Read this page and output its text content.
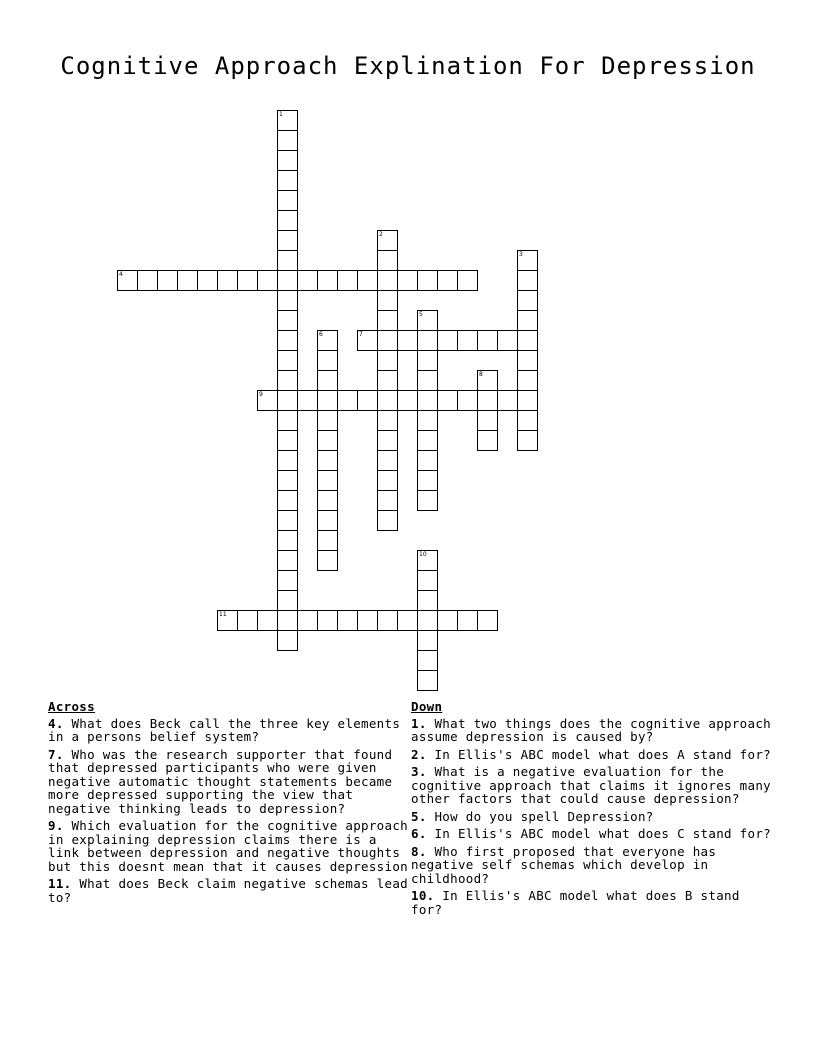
Cognitive Approach Explination For Depression
1
2
3
4
5
6	7
8
9
10
11
Across
4. What does Beck call the three key elements in a persons belief system?
7. Who was the research supporter that found that depressed participants who were given negative automatic thought statements became more depressed supporting the view that negative thinking leads to depression?
9. Which evaluation for the cognitive approach in explaining depression claims there is a link between depression and negative thoughts but this doesnt mean that it causes depression
11. What does Beck claim negative schemas lead to?
Down
1. What two things does the cognitive approach assume depression is caused by?
2. In Ellis's ABC model what does A stand for?
3. What is a negative evaluation for the cognitive approach that claims it ignores many other factors that could cause depression?
5. How do you spell Depression?
6. In Ellis's ABC model what does C stand for?
8. Who first proposed that everyone has negative self schemas which develop in childhood?
10. In Ellis's ABC model what does B stand for?
